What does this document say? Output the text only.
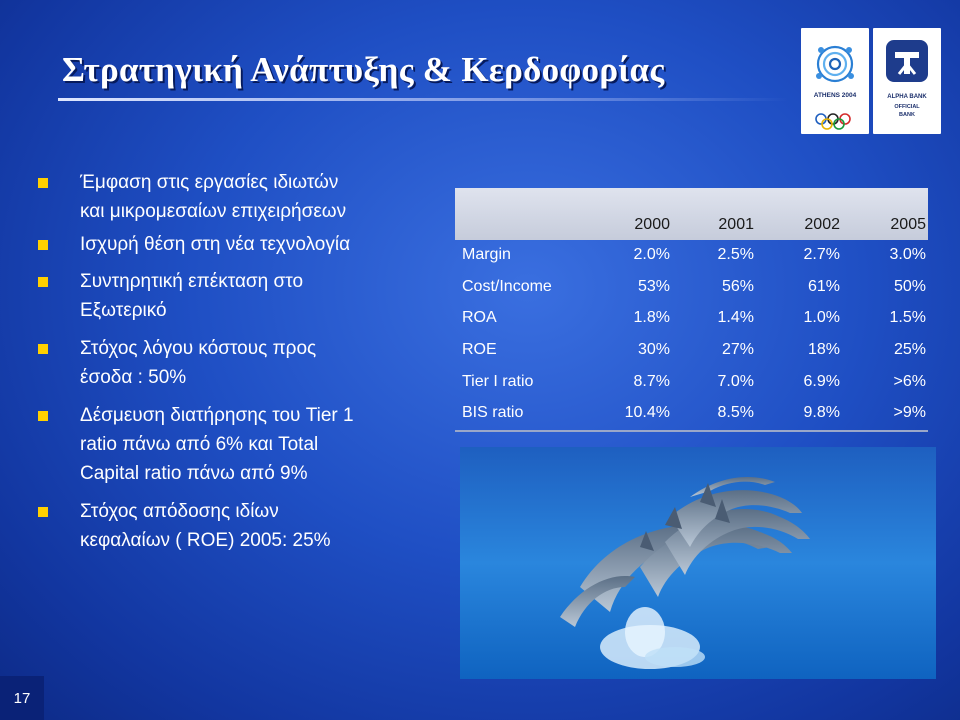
Στρατηγική Ανάπτυξης & Κερδοφορίας
ATHENS 2004	ALPHA BANK
OFFICIAL
BANK
Έμφαση στις εργασίες ιδιωτών
και μικρομεσαίων επιχειρήσεων
Ισχυρή θέση στη νέα τεχνολογία
Συντηρητική επέκταση στο
Εξωτερικό
Στόχος λόγου κόστους προς
έσοδα : 50%
Δέσμευση διατήρησης του Tier 1
ratio πάνω από 6% και Total
Capital ratio πάνω από 9%
Στόχος απόδοσης ιδίων
κεφαλαίων ( ROE) 2005: 25%
2000	2001	2002	2005
Margin	2.0%	2.5%	2.7%	3.0%
Cost/Income	53%	56%	61%	50%
ROA	1.8%	1.4%	1.0%	1.5%
ROE	30%	27%	18%	25%
Tier I ratio	8.7%	7.0%	6.9%	>6%
BIS ratio	10.4%	8.5%	9.8%	>9%
17
